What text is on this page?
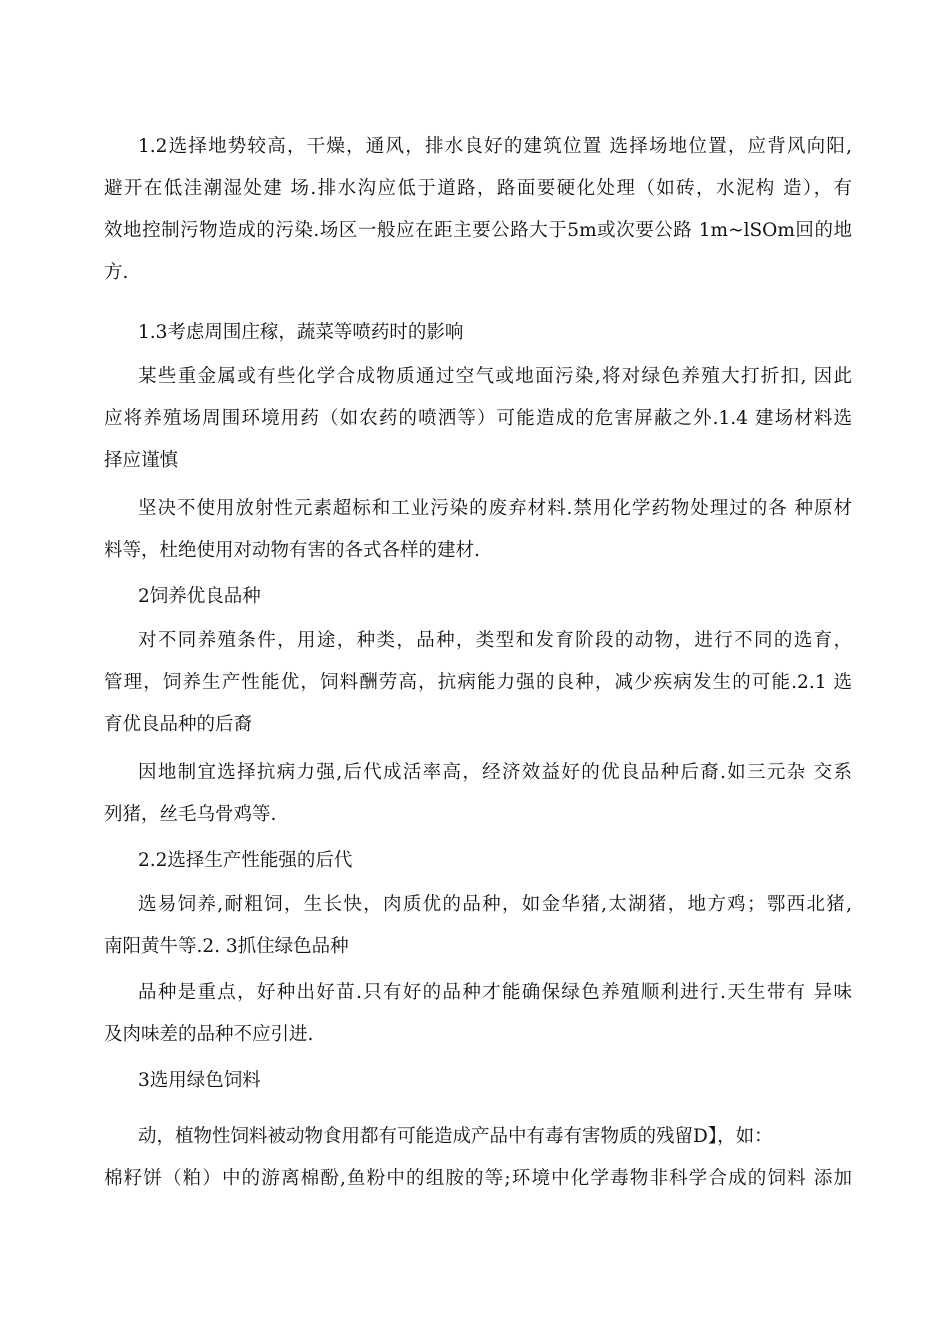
1.2选择地势较高，干燥，通风，排水良好的建筑位置 选择场地位置，应背风向阳,
避开在低洼潮湿处建 场.排水沟应低于道路，路面要硬化处理（如砖，水泥构 造），有
效地控制污物造成的污染.场区一般应在距主要公路大于5m或次要公路 1m~lSOm回的地
方.
1.3考虑周围庄稼，蔬菜等喷药时的影响
某些重金属或有些化学合成物质通过空气或地面污染,将对绿色养殖大打折扣, 因此
应将养殖场周围环境用药（如农药的喷洒等）可能造成的危害屏蔽之外.1.4 建场材料选
择应谨慎
坚决不使用放射性元素超标和工业污染的废弃材料.禁用化学药物处理过的各 种原材
料等，杜绝使用对动物有害的各式各样的建材.
2饲养优良品种
对不同养殖条件，用途，种类，品种，类型和发育阶段的动物，进行不同的选育，
管理，饲养生产性能优，饲料酬劳高，抗病能力强的良种，减少疾病发生的可能.2.1 选
育优良品种的后裔
因地制宜选择抗病力强,后代成活率高，经济效益好的优良品种后裔.如三元杂 交系
列猪，丝毛乌骨鸡等.
2.2选择生产性能强的后代
选易饲养,耐粗饲，生长快，肉质优的品种，如金华猪,太湖猪，地方鸡；鄂西北猪,
南阳黄牛等.2. 3抓住绿色品种
品种是重点，好种出好苗.只有好的品种才能确保绿色养殖顺利进行.天生带有 异味
及肉味差的品种不应引进.
3选用绿色饲料
动，植物性饲料被动物食用都有可能造成产品中有毒有害物质的残留D】，如：
棉籽饼（粕）中的游离棉酚,鱼粉中的组胺的等;环境中化学毒物非科学合成的饲料 添加
